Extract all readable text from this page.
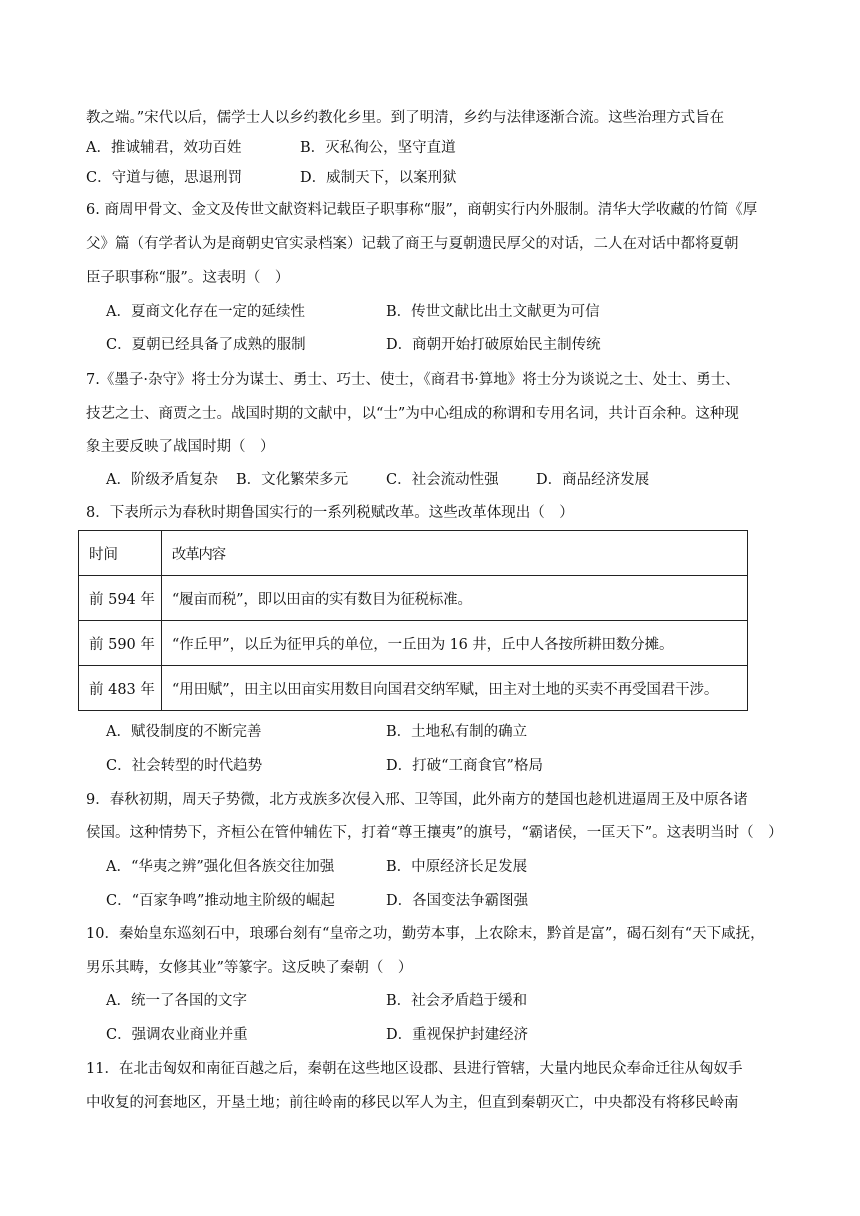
教之端。”宋代以后，儒学士人以乡约教化乡里。到了明清，乡约与法律逐渐合流。这些治理方式旨在
A．推诚辅君，效功百姓	B．灭私徇公，坚守直道
C．守道与德，思退刑罚	D．威制天下，以案刑狱
6. 商周甲骨文、金文及传世文献资料记载臣子职事称“服”，商朝实行内外服制。清华大学收藏的竹简《厚
父》篇（有学者认为是商朝史官实录档案）记载了商王与夏朝遗民厚父的对话，二人在对话中都将夏朝
臣子职事称“服”。这表明（　）
A．夏商文化存在一定的延续性	B．传世文献比出土文献更为可信
C．夏朝已经具备了成熟的服制	D．商朝开始打破原始民主制传统
7.《墨子·杂守》将士分为谋士、勇士、巧士、使士，《商君书·算地》将士分为谈说之士、处士、勇士、
技艺之士、商贾之士。战国时期的文献中，以“士”为中心组成的称谓和专用名词，共计百余种。这种现
象主要反映了战国时期（　）
A．阶级矛盾复杂 B．文化繁荣多元	C．社会流动性强	D．商品经济发展
8．下表所示为春秋时期鲁国实行的一系列税赋改革。这些改革体现出（　）
时间	改革内容
前 594 年	“履亩而税”，即以田亩的实有数目为征税标准。
前 590 年	“作丘甲”，以丘为征甲兵的单位，一丘田为 16 井，丘中人各按所耕田数分摊。
前 483 年	“用田赋”，田主以田亩实用数目向国君交纳军赋，田主对土地的买卖不再受国君干涉。
A．赋役制度的不断完善	B．土地私有制的确立
C．社会转型的时代趋势	D．打破“工商食官”格局
9．春秋初期，周天子势微，北方戎族多次侵入邢、卫等国，此外南方的楚国也趁机进逼周王及中原各诸
侯国。这种情势下，齐桓公在管仲辅佐下，打着“尊王攘夷”的旗号，“霸诸侯，一匡天下”。这表明当时（　）
A．“华夷之辨”强化但各族交往加强	B．中原经济长足发展
C．“百家争鸣”推动地主阶级的崛起	D．各国变法争霸图强
10．秦始皇东巡刻石中，琅琊台刻有“皇帝之功，勤劳本事，上农除末，黔首是富”，碣石刻有“天下咸抚，
男乐其畴，女修其业”等篆字。这反映了秦朝（　）
A．统一了各国的文字	B．社会矛盾趋于缓和
C．强调农业商业并重	D．重视保护封建经济
11．在北击匈奴和南征百越之后，秦朝在这些地区设郡、县进行管辖，大量内地民众奉命迁往从匈奴手
中收复的河套地区，开垦土地；前往岭南的移民以军人为主，但直到秦朝灭亡，中央都没有将移民岭南
